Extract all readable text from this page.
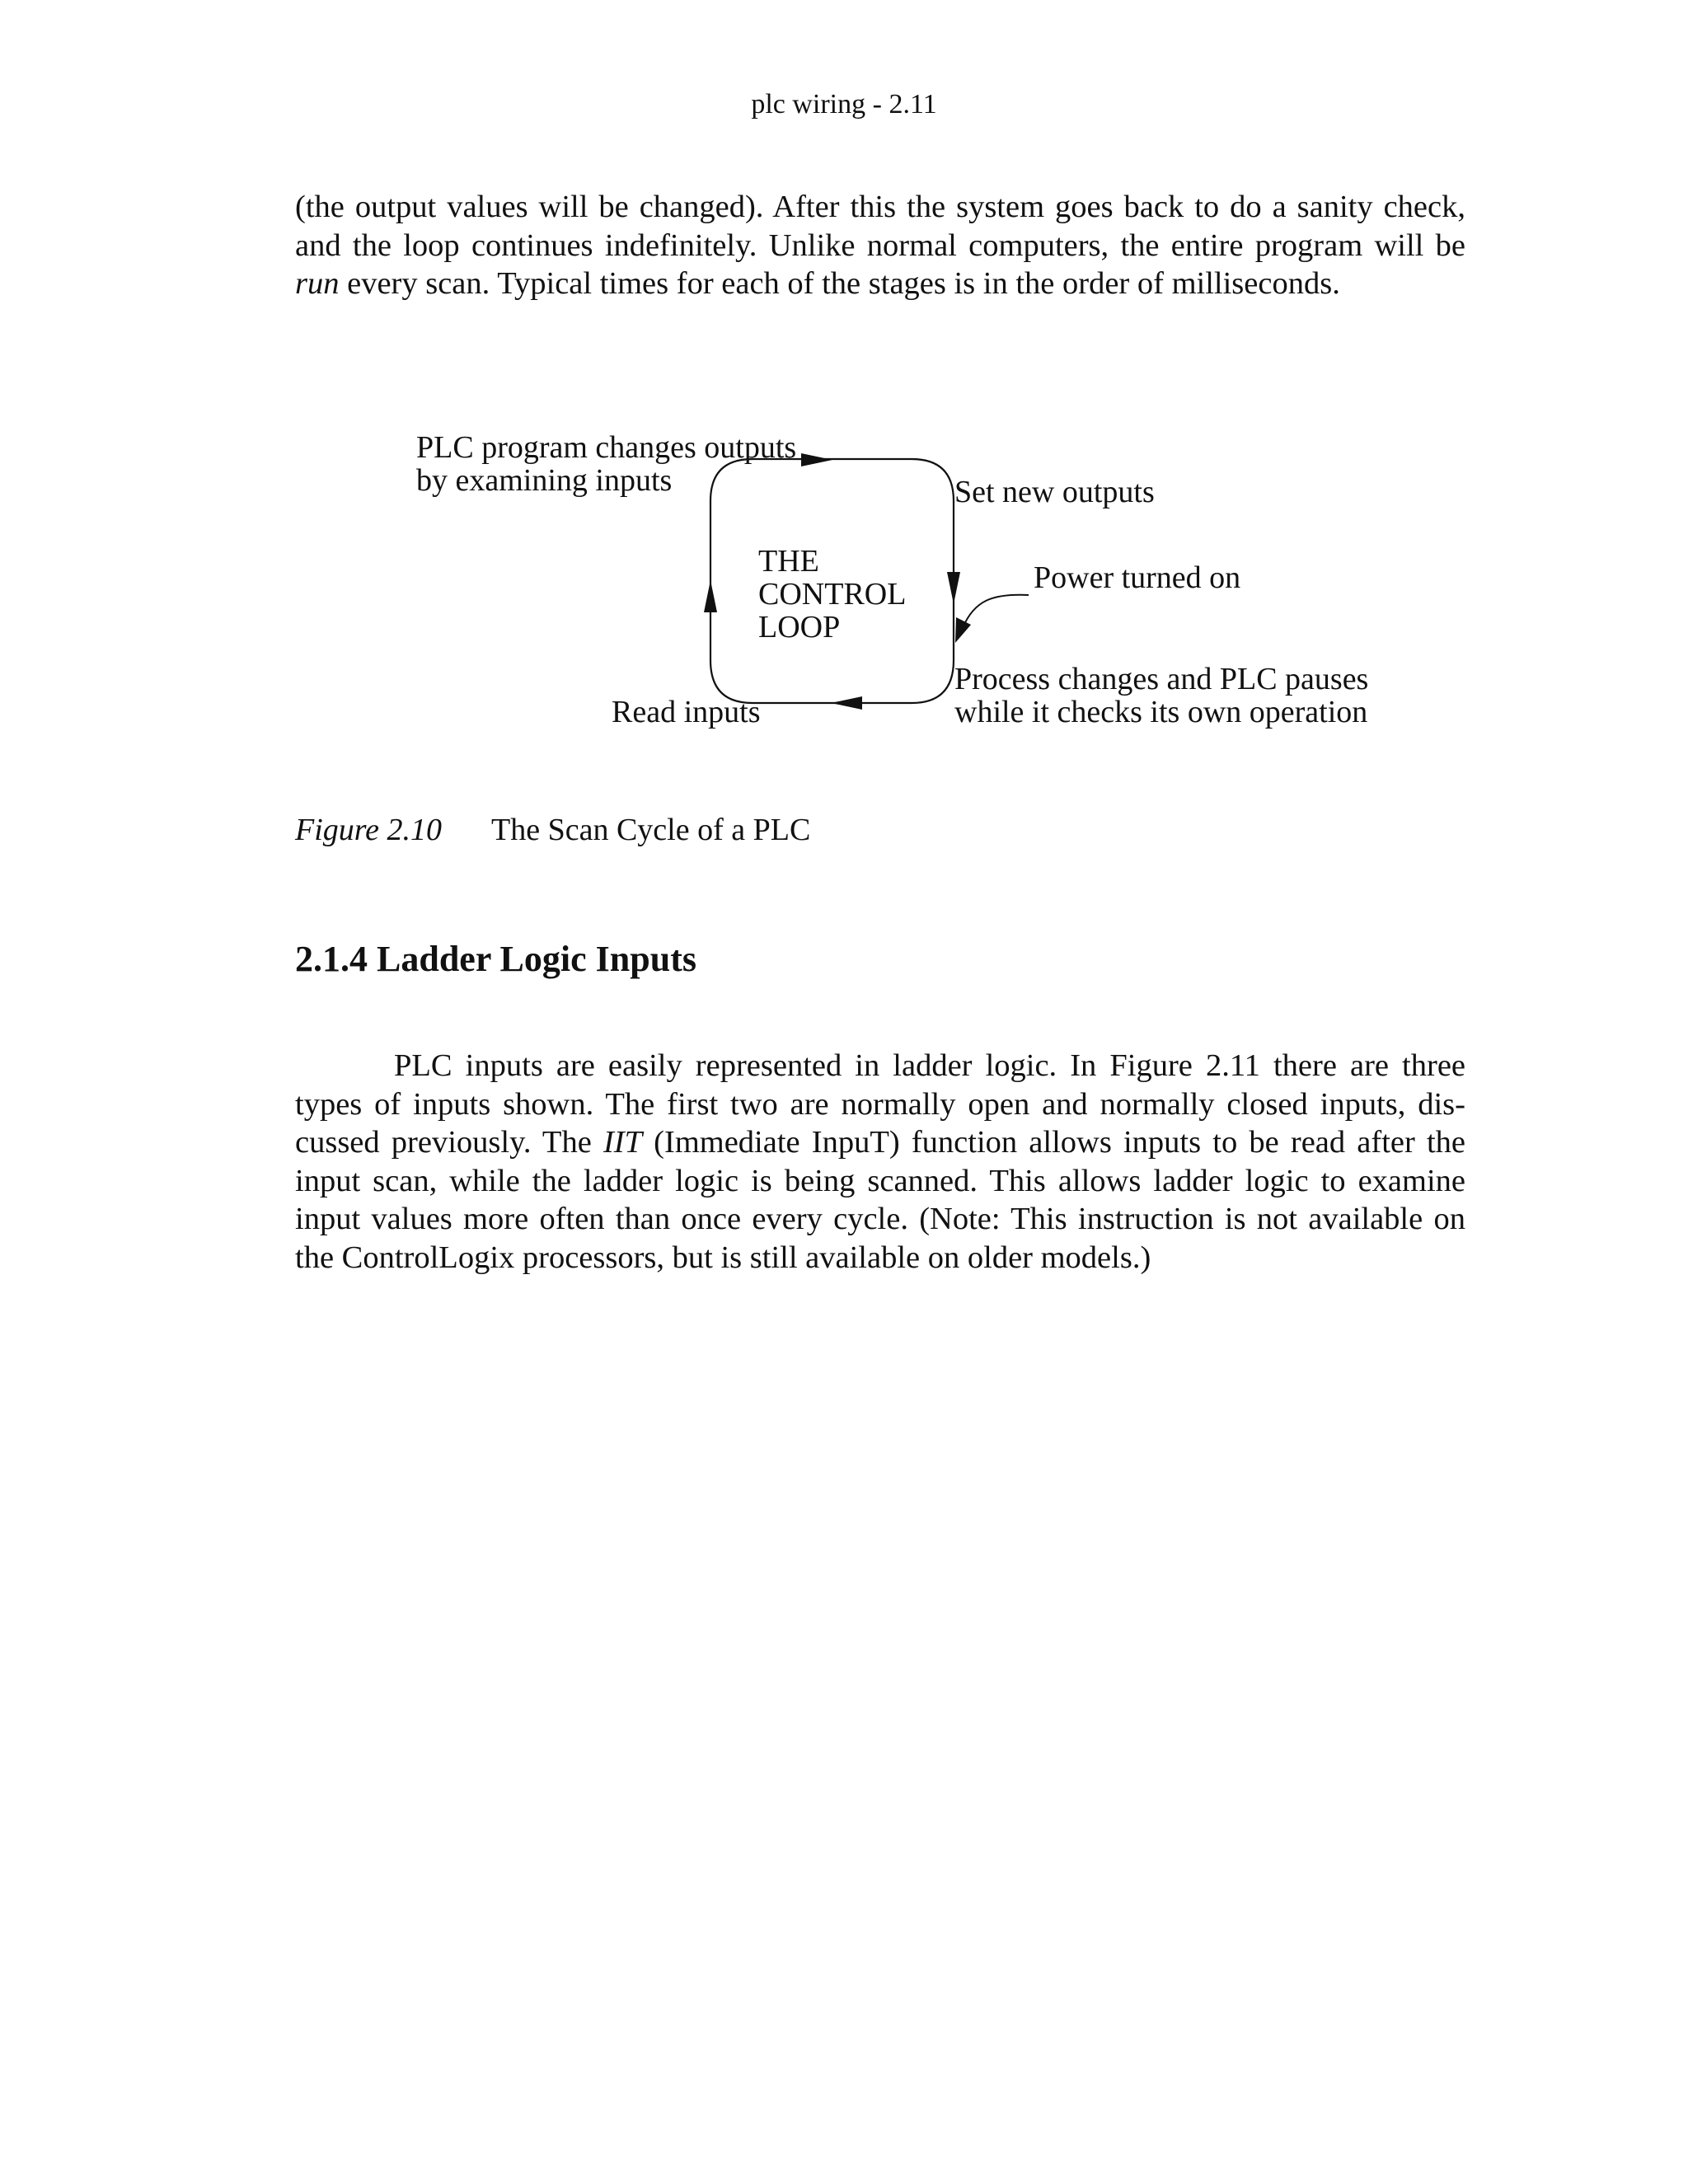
plc wiring - 2.11

(the output values will be changed). After this the system goes back to do a sanity check,
and the loop continues indefinitely. Unlike normal computers, the entire program will be
run every scan. Typical times for each of the stages is in the order of milliseconds.

PLC program changes outputs
by examining inputs	Set new outputs
THE
CONTROL
LOOP
Power turned on
Process changes and PLC pauses
while it checks its own operation
Read inputs
Figure 2.10 The Scan Cycle of a PLC
2.1.4 Ladder Logic Inputs

PLC inputs are easily represented in ladder logic. In Figure 2.11 there are three
types of inputs shown. The first two are normally open and normally closed inputs, dis-
cussed previously. The IIT (Immediate InpuT) function allows inputs to be read after the
input scan, while the ladder logic is being scanned. This allows ladder logic to examine
input values more often than once every cycle. (Note: This instruction is not available on
the ControlLogix processors, but is still available on older models.)
